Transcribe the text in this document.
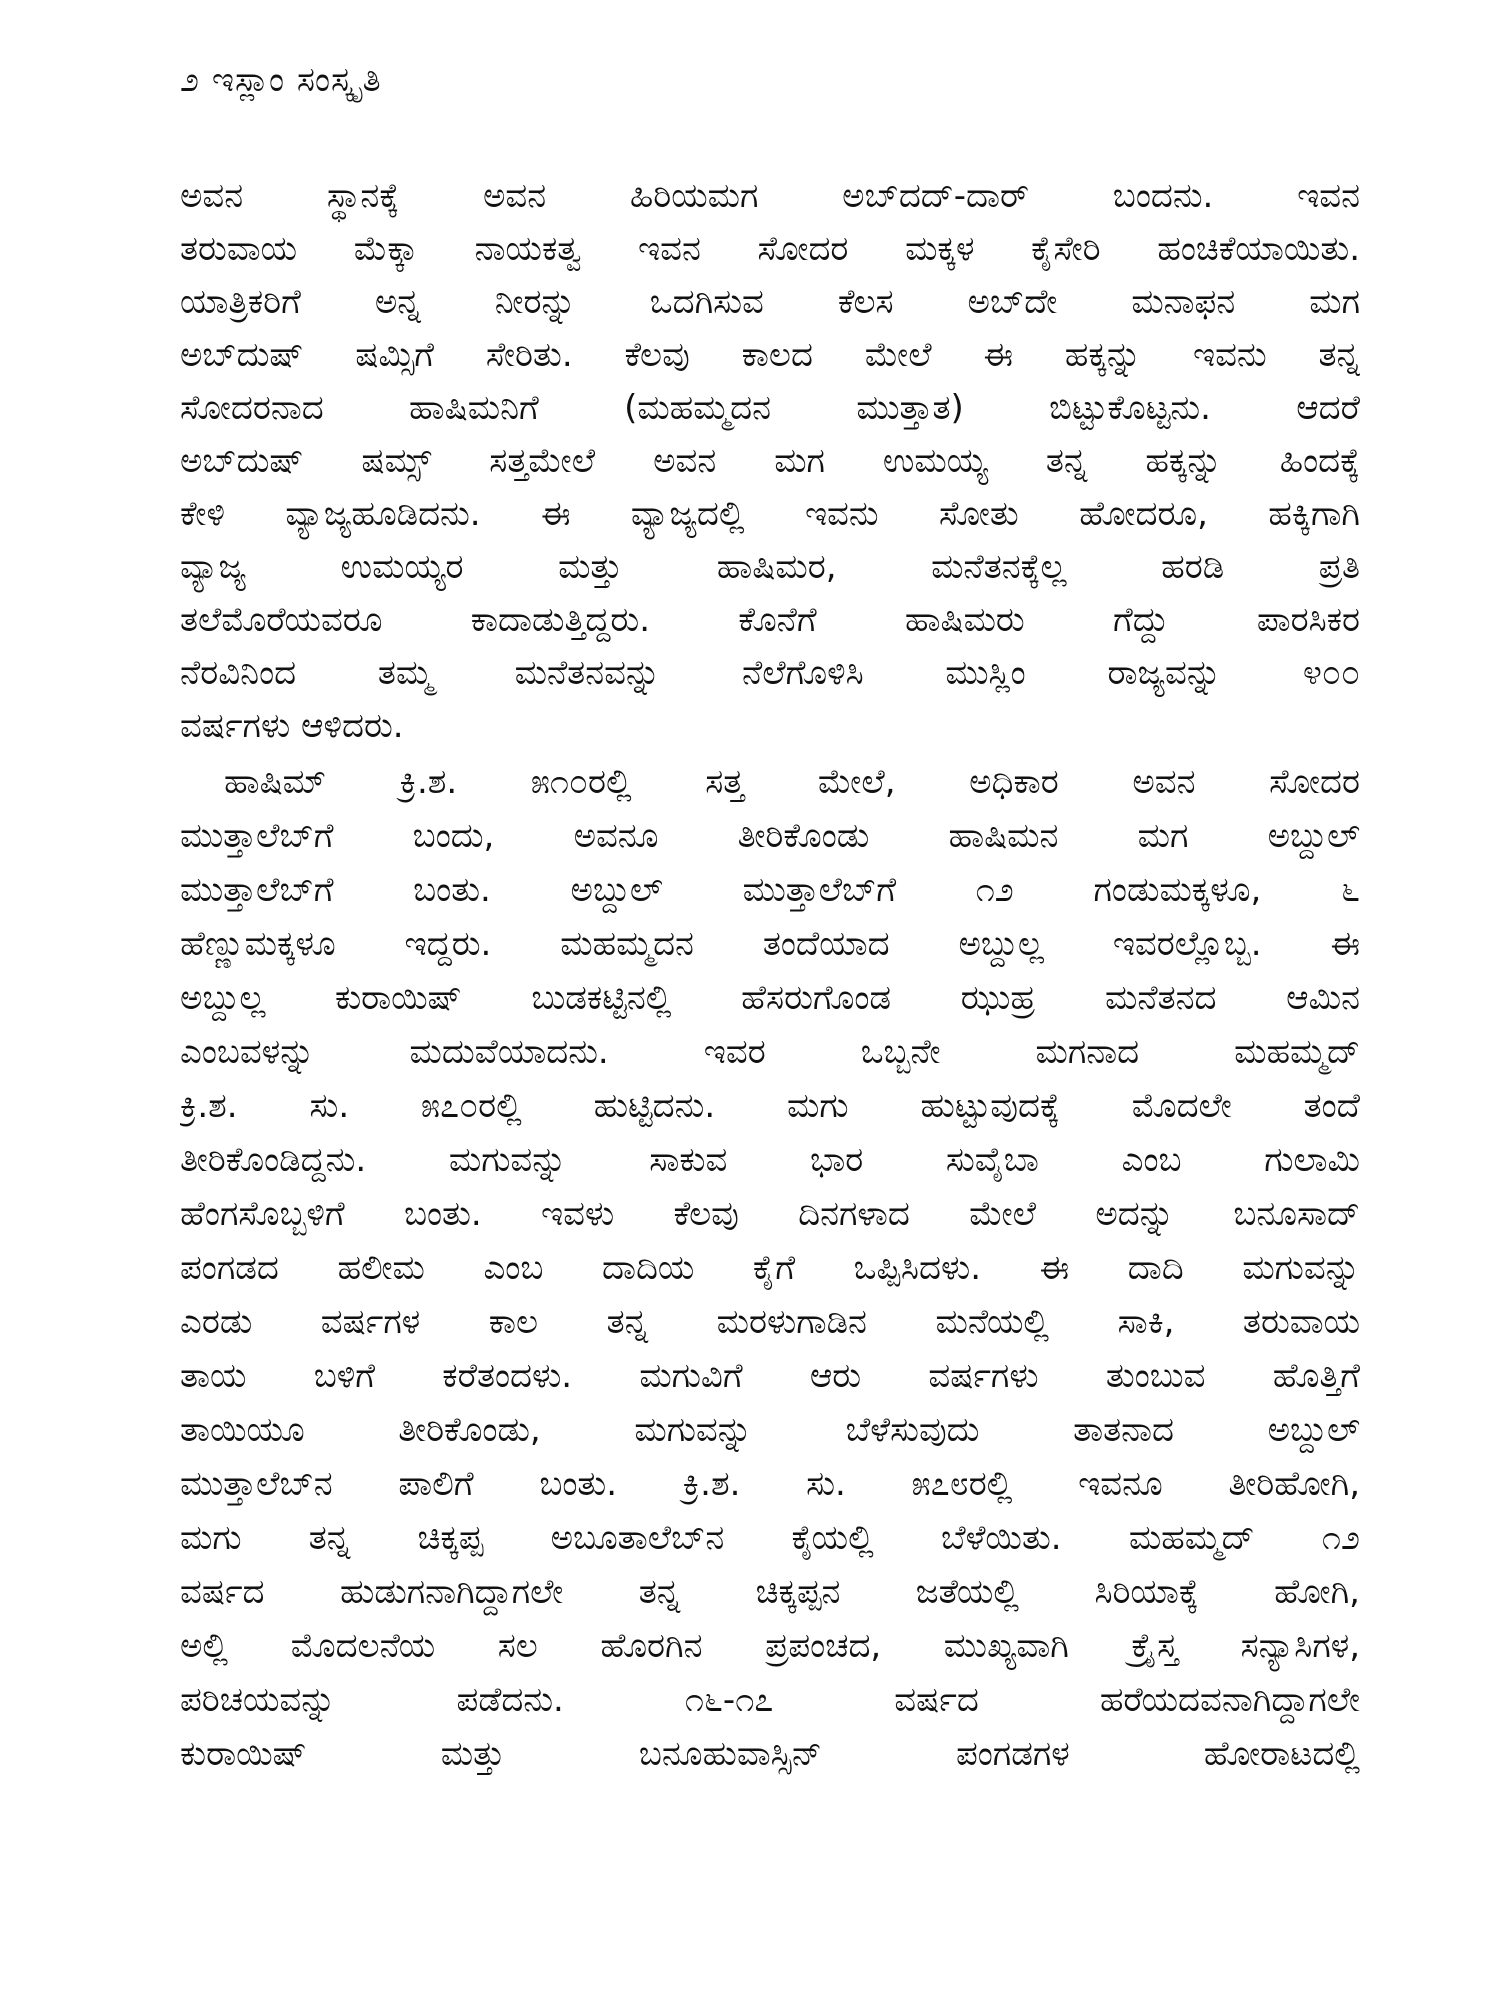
೨ ಇಸ್ಲಾಂ ಸಂಸ್ಕೃತಿ
ಅವನ ಸ್ಥಾನಕ್ಕೆ ಅವನ ಹಿರಿಯಮಗ ಅಬ್‌ದದ್-ದಾರ್ ಬಂದನು. ಇವನ
ತರುವಾಯ ಮೆಕ್ಕಾ ನಾಯಕತ್ವ ಇವನ ಸೋದರ ಮಕ್ಕಳ ಕೈಸೇರಿ ಹಂಚಿಕೆಯಾಯಿತು.
ಯಾತ್ರಿಕರಿಗೆ ಅನ್ನ ನೀರನ್ನು ಒದಗಿಸುವ ಕೆಲಸ ಅಬ್‌ದೇ ಮನಾಫನ ಮಗ
ಅಬ್‌ದುಷ್ ಷಮ್ಸಿಗೆ ಸೇರಿತು. ಕೆಲವು ಕಾಲದ ಮೇಲೆ ಈ ಹಕ್ಕನ್ನು ಇವನು ತನ್ನ
ಸೋದರನಾದ ಹಾಷಿಮನಿಗೆ (ಮಹಮ್ಮದನ ಮುತ್ತಾತ) ಬಿಟ್ಟುಕೊಟ್ಟನು. ಆದರೆ
ಅಬ್‌ದುಷ್ ಷಮ್ಸ್ ಸತ್ತಮೇಲೆ ಅವನ ಮಗ ಉಮಯ್ಯ ತನ್ನ ಹಕ್ಕನ್ನು ಹಿಂದಕ್ಕೆ
ಕೇಳಿ ವ್ಯಾಜ್ಯಹೂಡಿದನು. ಈ ವ್ಯಾಜ್ಯದಲ್ಲಿ ಇವನು ಸೋತು ಹೋದರೂ, ಹಕ್ಕಿಗಾಗಿ
ವ್ಯಾಜ್ಯ ಉಮಯ್ಯರ ಮತ್ತು ಹಾಷಿಮರ, ಮನೆತನಕ್ಕೆಲ್ಲ ಹರಡಿ ಪ್ರತಿ
ತಲೆಮೊರೆಯವರೂ ಕಾದಾಡುತ್ತಿದ್ದರು. ಕೊನೆಗೆ ಹಾಷಿಮರು ಗೆದ್ದು ಪಾರಸಿಕರ
ನೆರವಿನಿಂದ ತಮ್ಮ ಮನೆತನವನ್ನು ನೆಲೆಗೊಳಿಸಿ ಮುಸ್ಲಿಂ ರಾಜ್ಯವನ್ನು ೪೦೦
ವರ್ಷಗಳು ಆಳಿದರು.
ಹಾಷಿಮ್ ಕ್ರಿ.ಶ. ೫೧೦ರಲ್ಲಿ ಸತ್ತ ಮೇಲೆ, ಅಧಿಕಾರ ಅವನ ಸೋದರ
ಮುತ್ತಾಲೆಬ್‌ಗೆ ಬಂದು, ಅವನೂ ತೀರಿಕೊಂಡು ಹಾಷಿಮನ ಮಗ ಅಬ್ದುಲ್
ಮುತ್ತಾಲೆಬ್‌ಗೆ ಬಂತು. ಅಬ್ದುಲ್ ಮುತ್ತಾಲೆಬ್‌ಗೆ ೧೨ ಗಂಡುಮಕ್ಕಳೂ, ೬
ಹೆಣ್ಣುಮಕ್ಕಳೂ ಇದ್ದರು. ಮಹಮ್ಮದನ ತಂದೆಯಾದ ಅಬ್ದುಲ್ಲ ಇವರಲ್ಲೊಬ್ಬ. ಈ
ಅಬ್ದುಲ್ಲ ಕುರಾಯಿಷ್ ಬುಡಕಟ್ಟಿನಲ್ಲಿ ಹೆಸರುಗೊಂಡ ಝುಹ್ರ ಮನೆತನದ ಆಮಿನ
ಎಂಬವಳನ್ನು ಮದುವೆಯಾದನು. ಇವರ ಒಬ್ಬನೇ ಮಗನಾದ ಮಹಮ್ಮದ್
ಕ್ರಿ.ಶ. ಸು. ೫೭೦ರಲ್ಲಿ ಹುಟ್ಟಿದನು. ಮಗು ಹುಟ್ಟುವುದಕ್ಕೆ ಮೊದಲೇ ತಂದೆ
ತೀರಿಕೊಂಡಿದ್ದನು. ಮಗುವನ್ನು ಸಾಕುವ ಭಾರ ಸುವೈಬಾ ಎಂಬ ಗುಲಾಮಿ
ಹೆಂಗಸೊಬ್ಬಳಿಗೆ ಬಂತು. ಇವಳು ಕೆಲವು ದಿನಗಳಾದ ಮೇಲೆ ಅದನ್ನು ಬನೂಸಾದ್
ಪಂಗಡದ ಹಲೀಮ ಎಂಬ ದಾದಿಯ ಕೈಗೆ ಒಪ್ಪಿಸಿದಳು. ಈ ದಾದಿ ಮಗುವನ್ನು
ಎರಡು ವರ್ಷಗಳ ಕಾಲ ತನ್ನ ಮರಳುಗಾಡಿನ ಮನೆಯಲ್ಲಿ ಸಾಕಿ, ತರುವಾಯ
ತಾಯ ಬಳಿಗೆ ಕರೆತಂದಳು. ಮಗುವಿಗೆ ಆರು ವರ್ಷಗಳು ತುಂಬುವ ಹೊತ್ತಿಗೆ
ತಾಯಿಯೂ ತೀರಿಕೊಂಡು, ಮಗುವನ್ನು ಬೆಳೆಸುವುದು ತಾತನಾದ ಅಬ್ದುಲ್
ಮುತ್ತಾಲೆಬ್‌ನ ಪಾಲಿಗೆ ಬಂತು. ಕ್ರಿ.ಶ. ಸು. ೫೭೮ರಲ್ಲಿ ಇವನೂ ತೀರಿಹೋಗಿ,
ಮಗು ತನ್ನ ಚಿಕ್ಕಪ್ಪ ಅಬೂತಾಲೆಬ್‌ನ ಕೈಯಲ್ಲಿ ಬೆಳೆಯಿತು. ಮಹಮ್ಮದ್ ೧೨
ವರ್ಷದ ಹುಡುಗನಾಗಿದ್ದಾಗಲೇ ತನ್ನ ಚಿಕ್ಕಪ್ಪನ ಜತೆಯಲ್ಲಿ ಸಿರಿಯಾಕ್ಕೆ ಹೋಗಿ,
ಅಲ್ಲಿ ಮೊದಲನೆಯ ಸಲ ಹೊರಗಿನ ಪ್ರಪಂಚದ, ಮುಖ್ಯವಾಗಿ ಕ್ರೈಸ್ತ ಸನ್ಯಾಸಿಗಳ,
ಪರಿಚಯವನ್ನು ಪಡೆದನು. ೧೬-೧೭ ವರ್ಷದ ಹರೆಯದವನಾಗಿದ್ದಾಗಲೇ
ಕುರಾಯಿಷ್ ಮತ್ತು ಬನೂಹುವಾಸ್ಸಿನ್ ಪಂಗಡಗಳ ಹೋರಾಟದಲ್ಲಿ
